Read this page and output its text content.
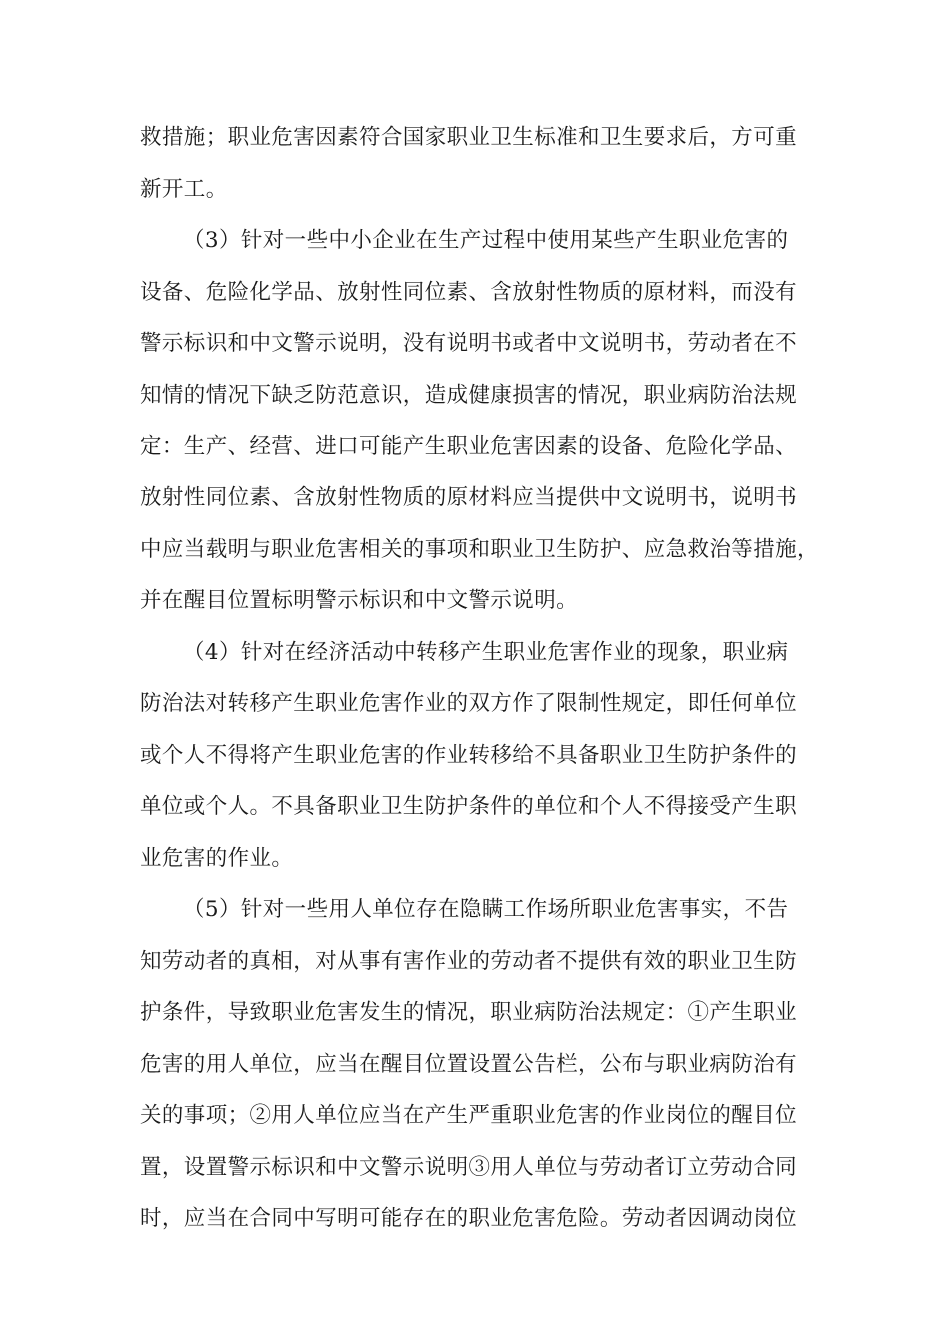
救措施；职业危害因素符合国家职业卫生标准和卫生要求后，方可重
新开工。
（3）针对一些中小企业在生产过程中使用某些产生职业危害的
设备、危险化学品、放射性同位素、含放射性物质的原材料，而没有
警示标识和中文警示说明，没有说明书或者中文说明书，劳动者在不
知情的情况下缺乏防范意识，造成健康损害的情况，职业病防治法规
定：生产、经营、进口可能产生职业危害因素的设备、危险化学品、
放射性同位素、含放射性物质的原材料应当提供中文说明书，说明书
中应当载明与职业危害相关的事项和职业卫生防护、应急救治等措施，
并在醒目位置标明警示标识和中文警示说明。
（4）针对在经济活动中转移产生职业危害作业的现象，职业病
防治法对转移产生职业危害作业的双方作了限制性规定，即任何单位
或个人不得将产生职业危害的作业转移给不具备职业卫生防护条件的
单位或个人。不具备职业卫生防护条件的单位和个人不得接受产生职
业危害的作业。
（5）针对一些用人单位存在隐瞒工作场所职业危害事实，不告
知劳动者的真相，对从事有害作业的劳动者不提供有效的职业卫生防
护条件，导致职业危害发生的情况，职业病防治法规定：①产生职业
危害的用人单位，应当在醒目位置设置公告栏，公布与职业病防治有
关的事项；②用人单位应当在产生严重职业危害的作业岗位的醒目位
置，设置警示标识和中文警示说明③用人单位与劳动者订立劳动合同
时，应当在合同中写明可能存在的职业危害危险。劳动者因调动岗位
